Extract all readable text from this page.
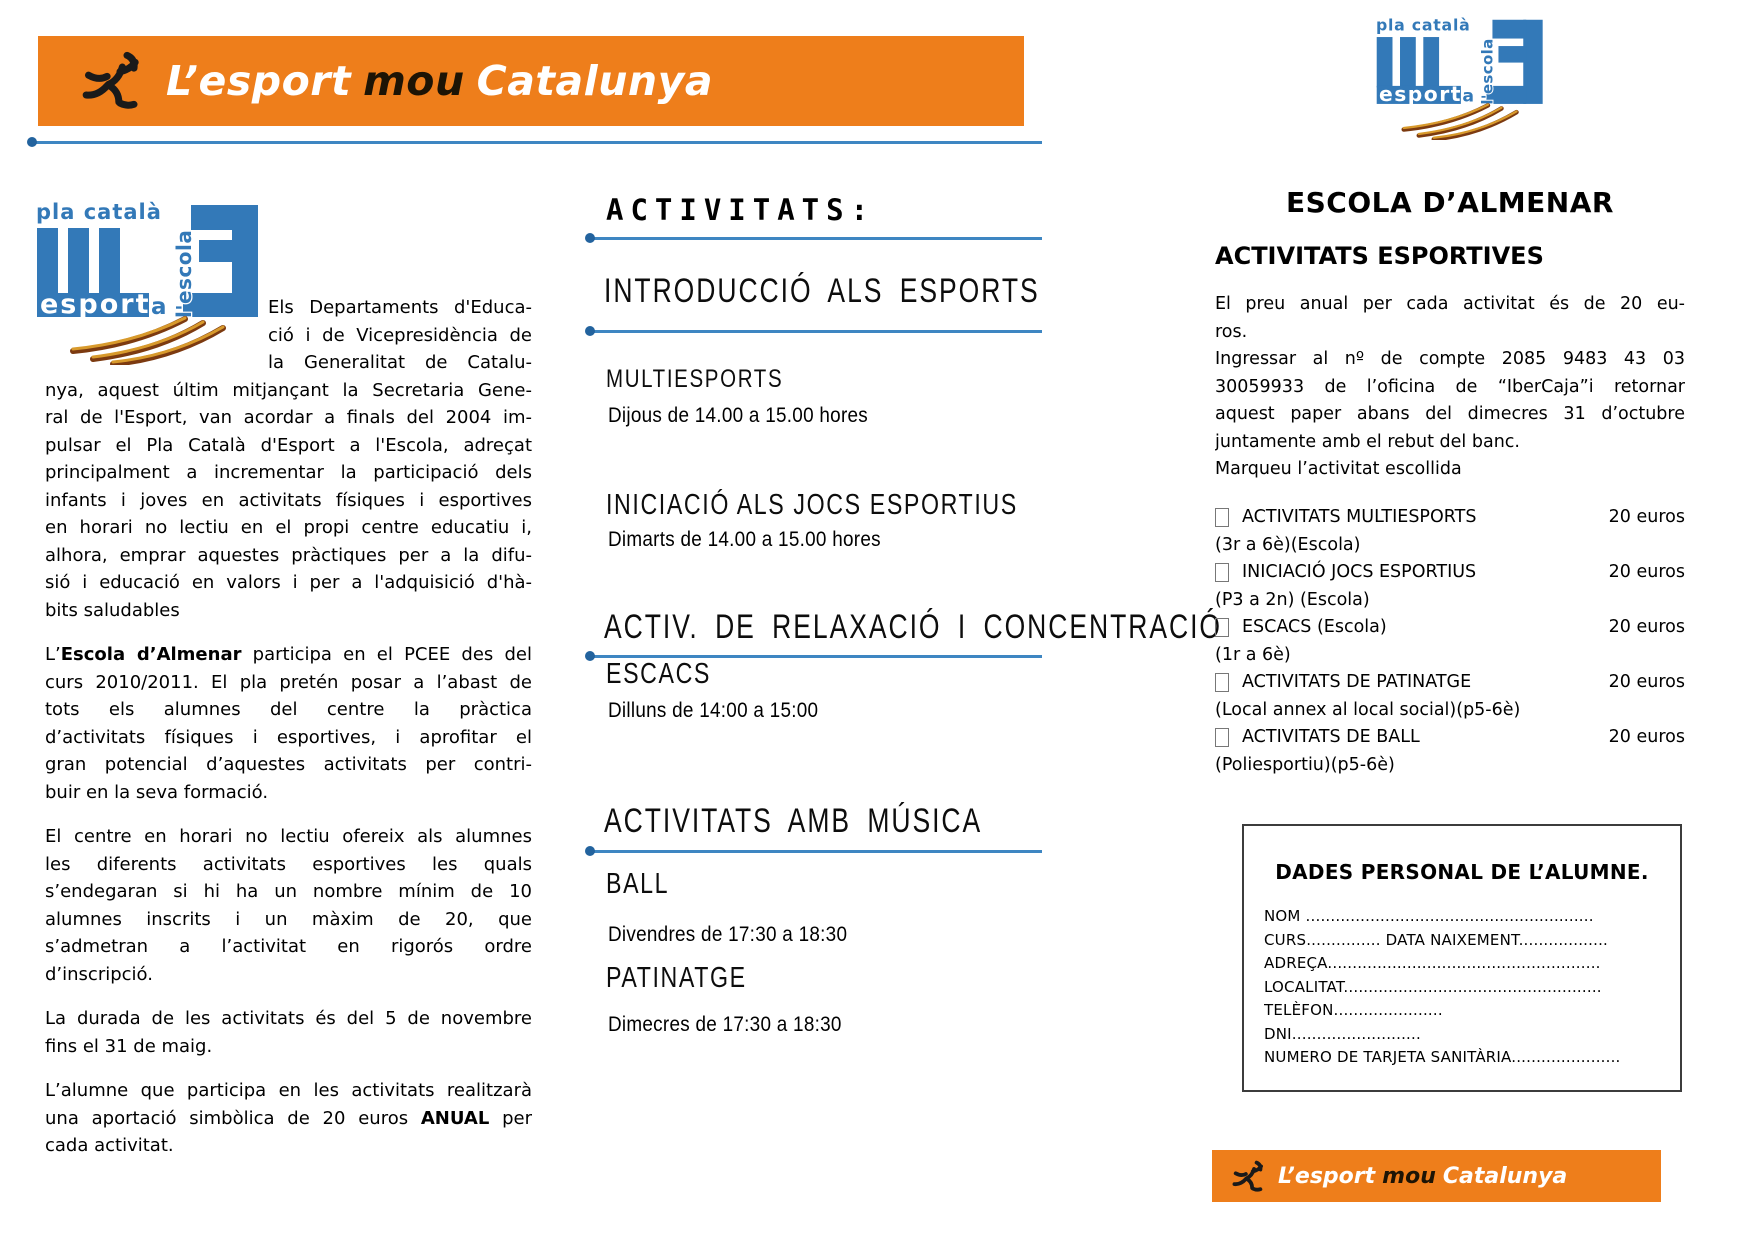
L’esport mou Catalunya
Els Departaments d'Educa-
ció i de Vicepresidència de
la Generalitat de Catalu-
nya, aquest últim mitjançant la Secretaria Gene-
ral de l'Esport, van acordar a finals del 2004 im-
pulsar el Pla Català d'Esport a l'Escola, adreçat
principalment a incrementar la participació dels
infants i joves en activitats físiques i esportives
en horari no lectiu en el propi centre educatiu i,
alhora, emprar aquestes pràctiques per a la difu-
sió i educació en valors i per a l'adquisició d'hà-
bits saludables
L’Escola d’Almenar participa en el PCEE des del
curs 2010/2011. El pla pretén posar a l’abast de
tots els alumnes del centre la pràctica
d’activitats físiques i esportives, i aprofitar el
gran potencial d’aquestes activitats per contri-
buir en la seva formació.
El centre en horari no lectiu ofereix als alumnes
les diferents activitats esportives les quals
s’endegaran si hi ha un nombre mínim de 10
alumnes inscrits i un màxim de 20, que
s’admetran a l’activitat en rigorós ordre
d’inscripció.
La durada de les activitats és del 5 de novembre
fins el 31 de maig.
L’alumne que participa en les activitats realitzarà
una aportació simbòlica de 20 euros ANUAL per
cada activitat.
ACTIVITATS:
INTRODUCCIÓ ALS ESPORTS
MULTIESPORTS
Dijous de 14.00 a 15.00 hores
INICIACIÓ ALS JOCS ESPORTIUS
Dimarts de 14.00 a 15.00 hores
ACTIV. DE RELAXACIÓ I CONCENTRACIÓ
ESCACS
Dilluns de 14:00 a 15:00
ACTIVITATS AMB MÚSICA
BALL
Divendres de 17:30 a 18:30
PATINATGE
Dimecres de 17:30 a 18:30
ESCOLA D’ALMENAR
ACTIVITATS ESPORTIVES
El preu anual per cada activitat és de 20 eu-
ros.
Ingressar al nº de compte 2085 9483 43 03
30059933 de l’oficina de “IberCaja”i retornar
aquest paper abans del dimecres 31 d’octubre
juntamente amb el rebut del banc.
Marqueu l’activitat escollida
ACTIVITATS MULTIESPORTS	20 euros
(3r a 6è)(Escola)
INICIACIÓ JOCS ESPORTIUS	20 euros
(P3 a 2n) (Escola)
ESCACS (Escola)	20 euros
(1r a 6è)
ACTIVITATS DE PATINATGE	20 euros
(Local annex al local social)(p5-6è)
ACTIVITATS DE BALL	20 euros
(Poliesportiu)(p5-6è)
DADES PERSONAL DE L’ALUMNE.
NOM ..........................................................
CURS............... DATA NAIXEMENT..................
ADREÇA.......................................................
LOCALITAT....................................................
TELÈFON......................
DNI..........................
NUMERO DE TARJETA SANITÀRIA......................
L’esport mou Catalunya
